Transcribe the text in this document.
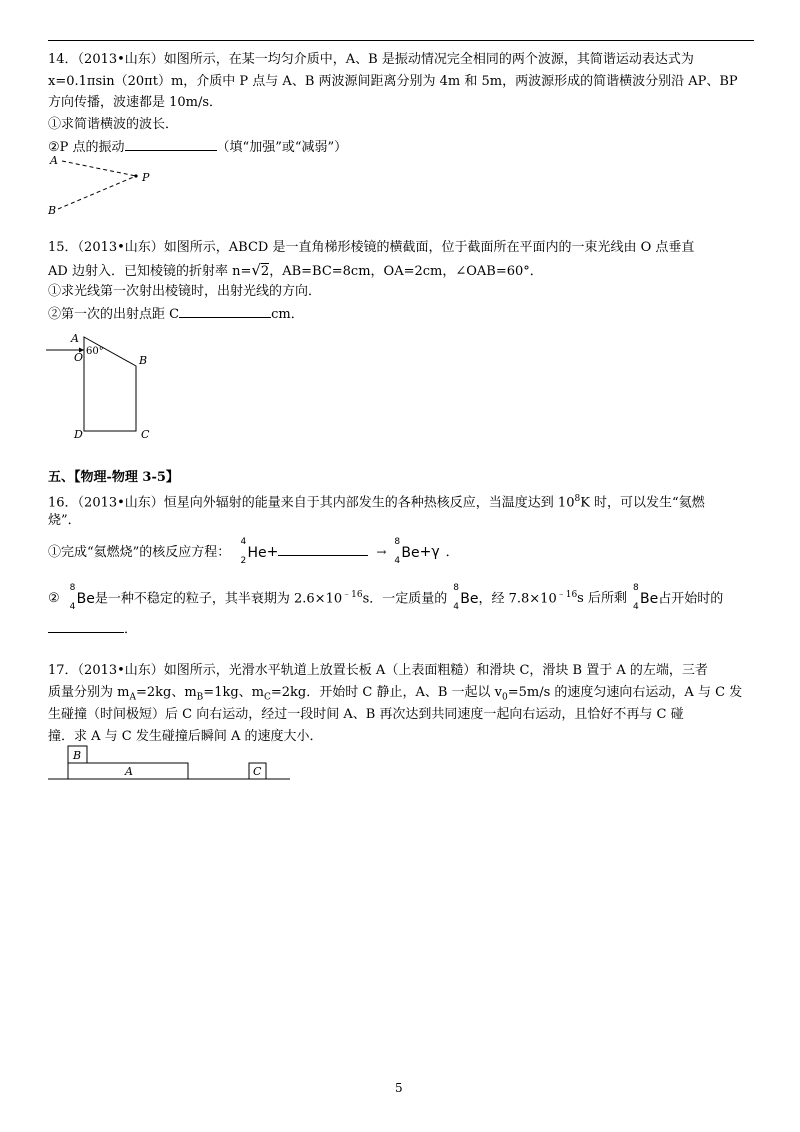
14．（2013•山东）如图所示，在某一均匀介质中，A、B 是振动情况完全相同的两个波源，其简谐运动表达式为
x=0.1πsin（20πt）m，介质中 P 点与 A、B 两波源间距离分别为 4m 和 5m，两波源形成的简谐横波分别沿 AP、BP
方向传播，波速都是 10m/s．
①求简谐横波的波长．
②P 点的振动	（填“加强”或“减弱”）
A
P
B
15．（2013•山东）如图所示，ABCD 是一直角梯形棱镜的横截面，位于截面所在平面内的一束光线由 O 点垂直
AD 边射入．已知棱镜的折射率 n=√2，AB=BC=8cm，OA=2cm，∠OAB=60°．
①求光线第一次射出棱镜时，出射光线的方向．
②第一次的出射点距 C	cm．
A
O 60°
B
C
D
五、【物理-物理 3-5】
16．（2013•山东）恒星向外辐射的能量来自于其内部发生的各种热核反应，当温度达到 $10^8K$ 时，可以发生“氦燃
烧”．
①完成“氦燃烧”的核反应方程：
4
2 He+	→
8
4 Be+γ ．
②
8
4 Be是一种不稳定的粒子，其半衰期为 $2.6\times 10^{﹣16}s$．一定质量的
8
4 Be，经 $7.8\times 10^{﹣16}s$ 后所剩
8
4 Be占开始时的
．
17．（2013•山东）如图所示，光滑水平轨道上放置长板 A（上表面粗糙）和滑块 C，滑块 B 置于 A 的左端，三者
质量分别为 $m_A=2kg$、$m_B=1kg$、$m_C=2kg$．开始时 C 静止，A、B 一起以 $v_0=5m/s$ 的速度匀速向右运动，A 与 C 发
生碰撞（时间极短）后 C 向右运动，经过一段时间 A、B 再次达到共同速度一起向右运动，且恰好不再与 C 碰
撞．求 A 与 C 发生碰撞后瞬间 A 的速度大小．
A
B
C
5
